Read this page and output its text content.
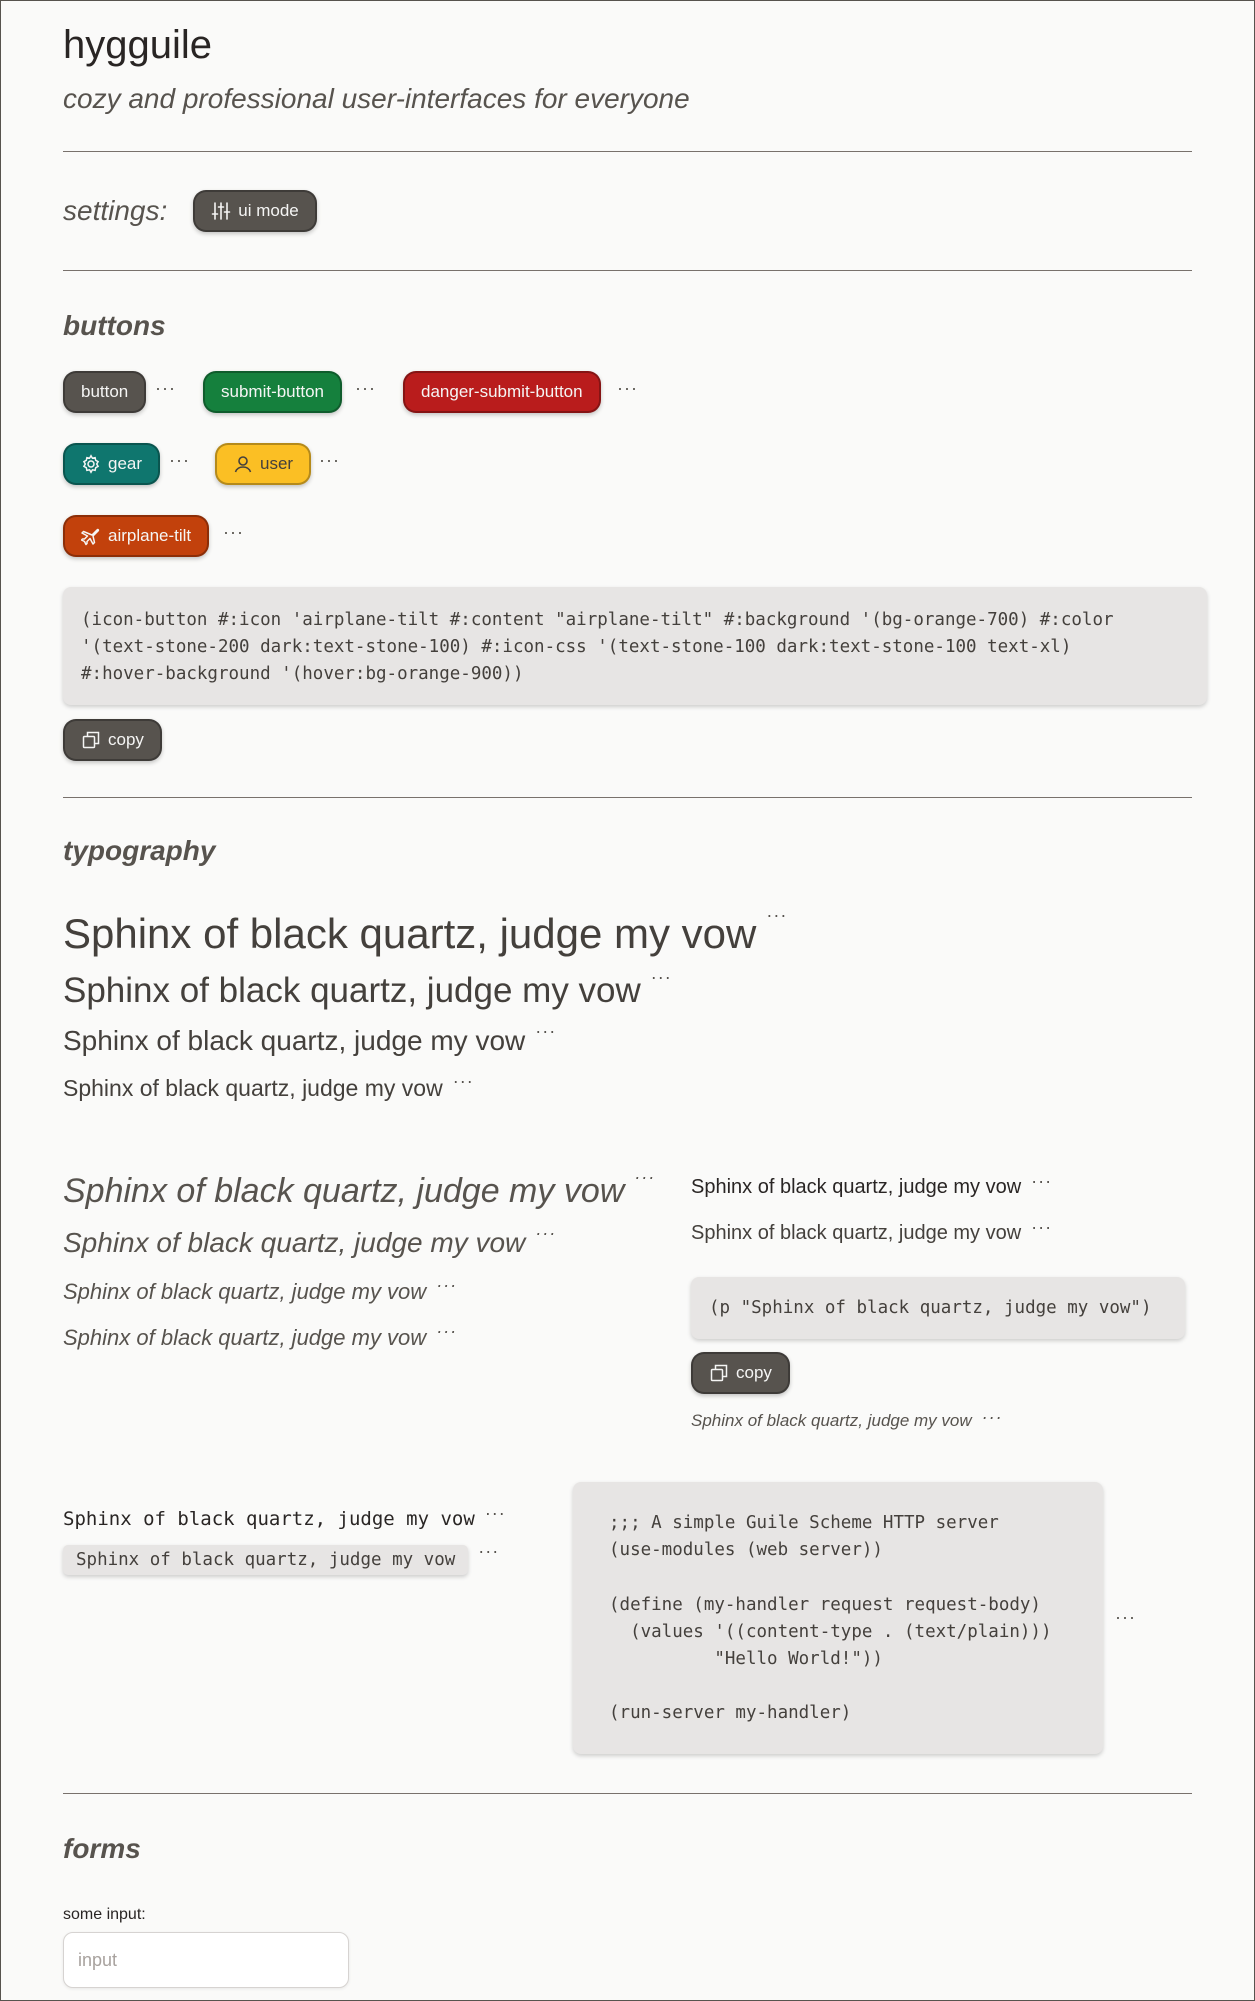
hygguile

cozy and professional user-interfaces for everyone

settings:	ui mode
buttons
button ···	submit-button ···	danger-submit-button ···
gear ···	user ···
airplane-tilt ···
(icon-button #:icon 'airplane-tilt #:content "airplane-tilt" #:background '(bg-orange-700) #:color
'(text-stone-200 dark:text-stone-100) #:icon-css '(text-stone-100 dark:text-stone-100 text-xl)
#:hover-background '(hover:bg-orange-900))
copy
typography
Sphinx of black quartz, judge my vow ···
Sphinx of black quartz, judge my vow ···
Sphinx of black quartz, judge my vow ···
Sphinx of black quartz, judge my vow ···
Sphinx of black quartz, judge my vow ···
Sphinx of black quartz, judge my vow ···
Sphinx of black quartz, judge my vow ···
Sphinx of black quartz, judge my vow ···
Sphinx of black quartz, judge my vow ···
Sphinx of black quartz, judge my vow ···
(p "Sphinx of black quartz, judge my vow")
copy
Sphinx of black quartz, judge my vow ···
Sphinx of black quartz, judge my vow ···
Sphinx of black quartz, judge my vow ···
;;; A simple Guile Scheme HTTP server
(use-modules (web server))

(define (my-handler request request-body)
(values '((content-type . (text/plain)))
"Hello World!"))

(run-server my-handler)
···
forms
some input:
input
